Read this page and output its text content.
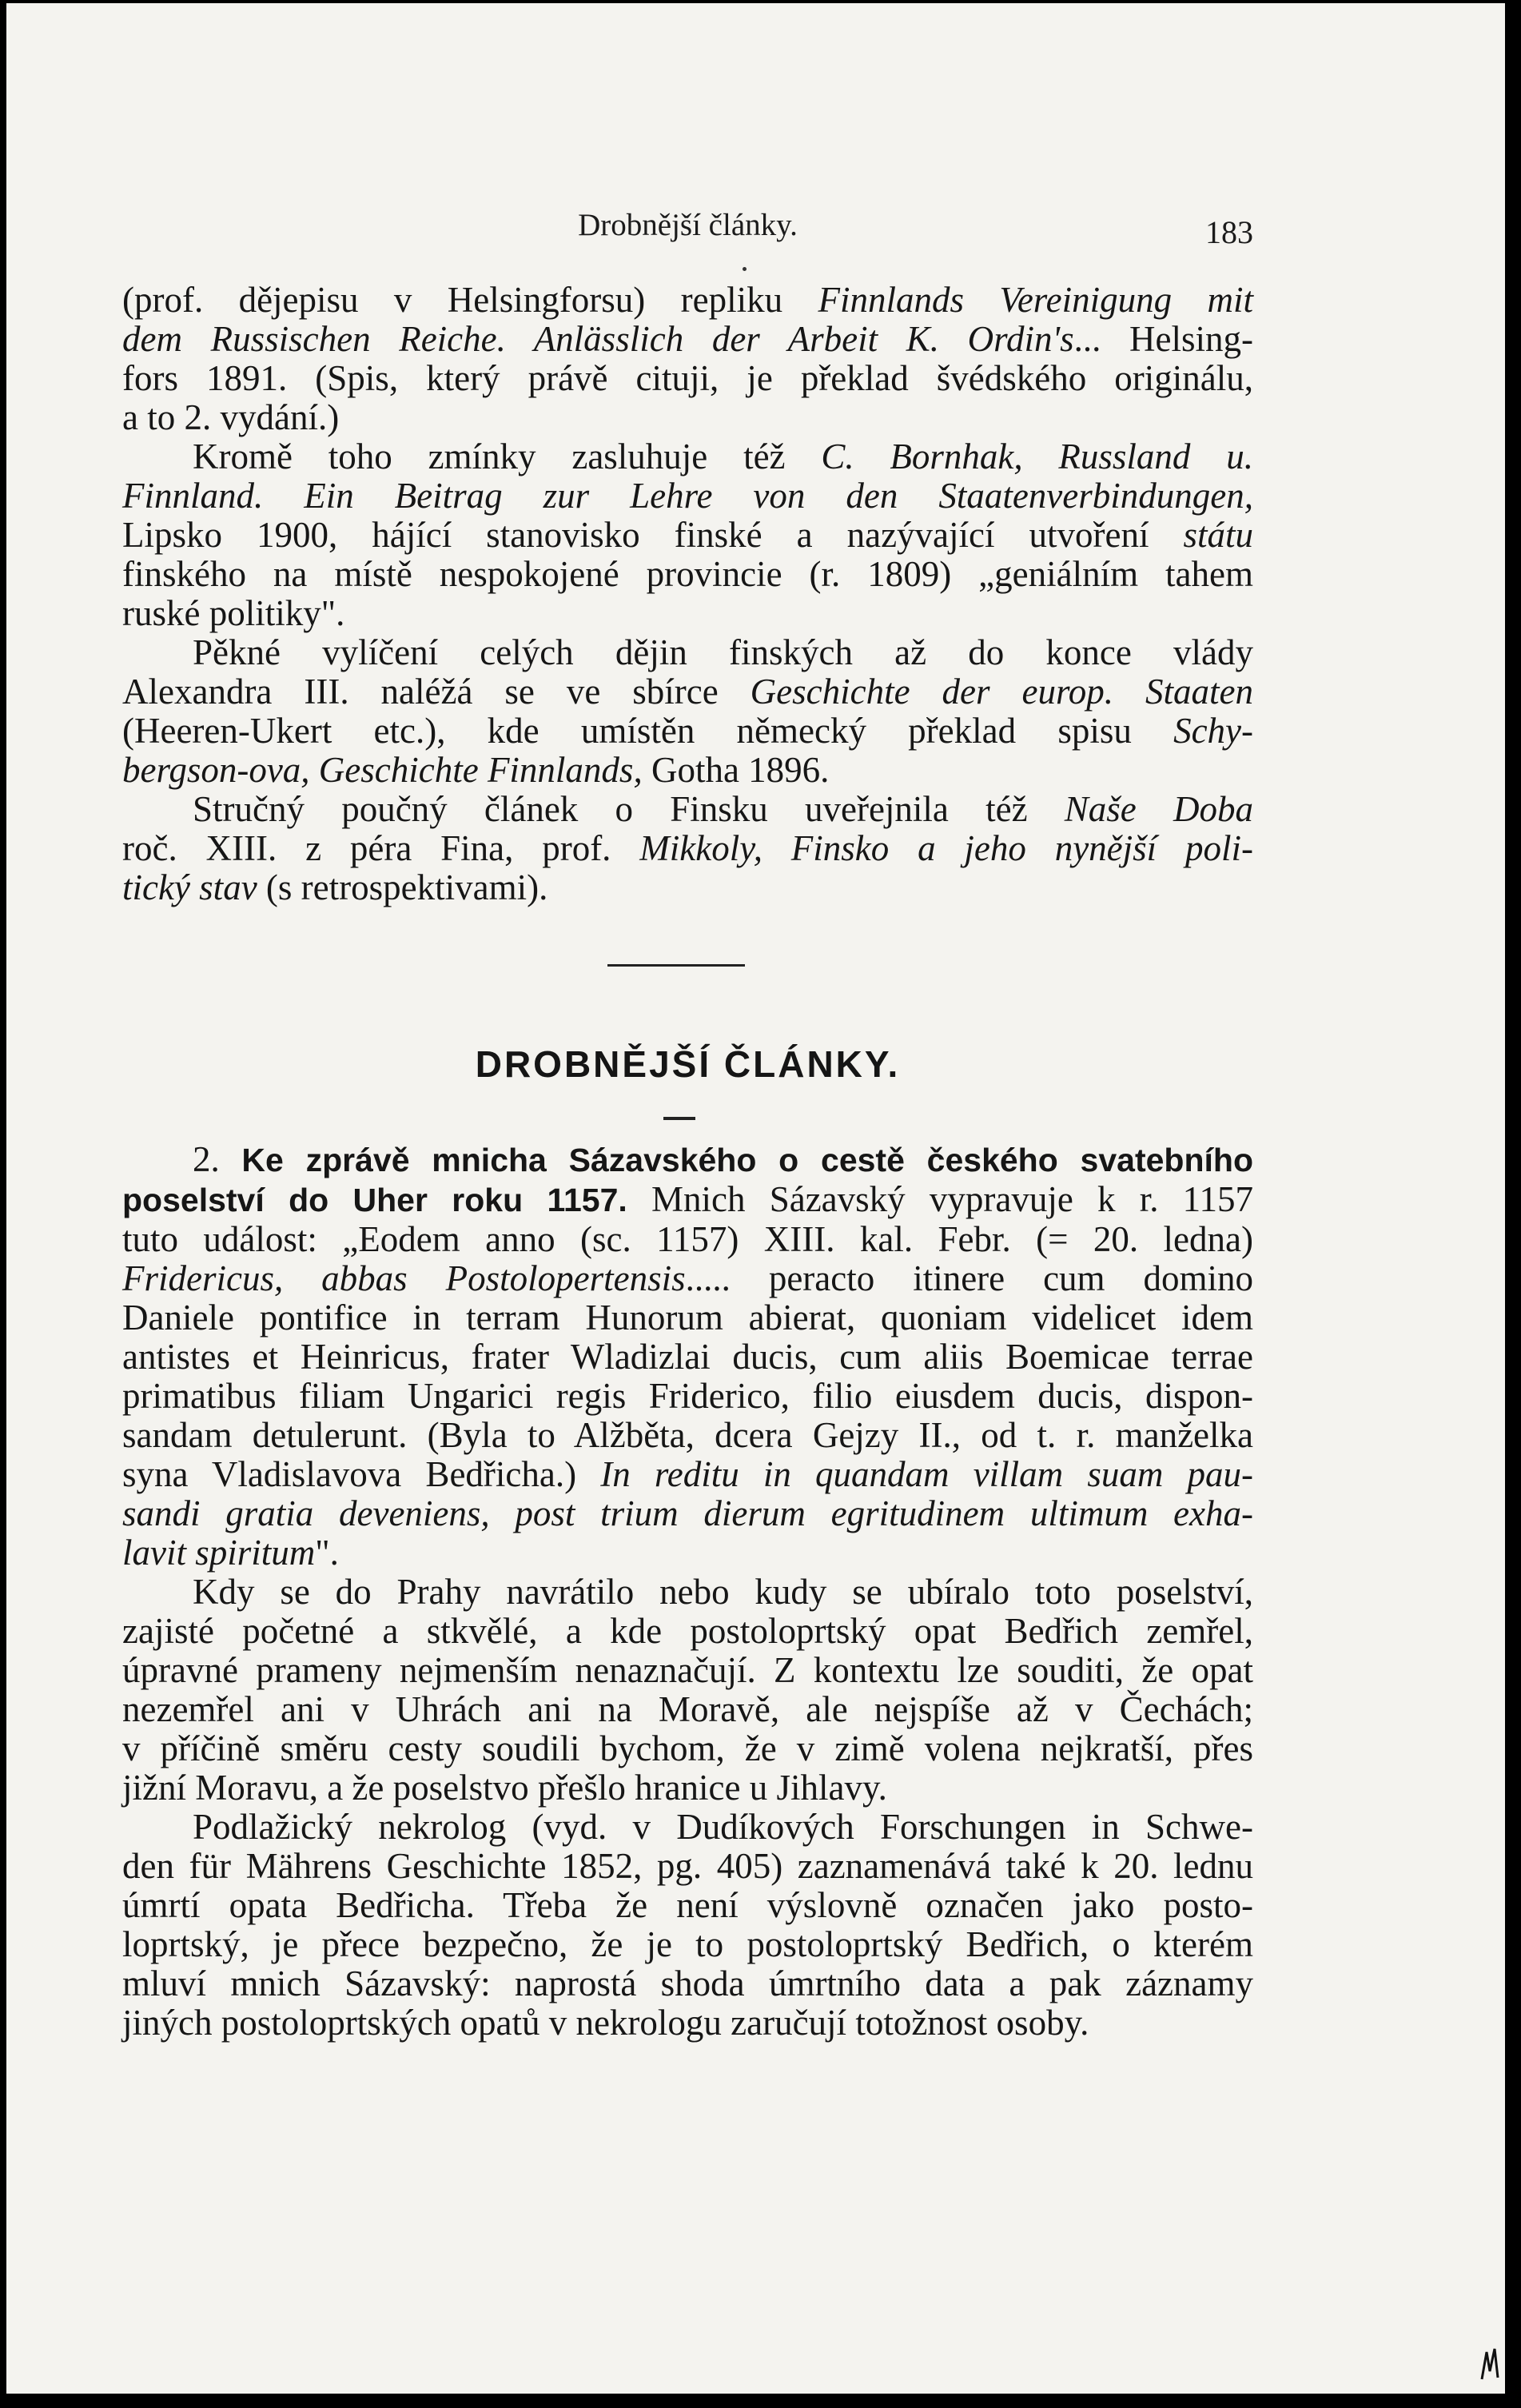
Drobnější články.	183

(prof. dějepisu v Helsingforsu) repliku Finnlands Vereinigung mit
dem Russischen Reiche. Anlässlich der Arbeit K. Ordin's... Helsing-
fors 1891. (Spis, který právě cituji, je překlad švédského originálu,
a to 2. vydání.)

Kromě toho zmínky zasluhuje též C. Bornhak, Russland u.
Finnland. Ein Beitrag zur Lehre von den Staatenverbindungen,
Lipsko 1900, hájící stanovisko finské a nazývající utvoření státu
finského na místě nespokojené provincie (r. 1809) „geniálním tahem
ruské politiky".

Pěkné vylíčení celých dějin finských až do konce vlády
Alexandra III. naléžá se ve sbírce Geschichte der europ. Staaten
(Heeren-Ukert etc.), kde umístěn německý překlad spisu Schy-
bergson-ova, Geschichte Finnlands, Gotha 1896.

Stručný poučný článek o Finsku uveřejnila též Naše Doba
roč. XIII. z péra Fina, prof. Mikkoly, Finsko a jeho nynější poli-
tický stav (s retrospektivami).

DROBNĚJŠÍ ČLÁNKY.

2. Ke zprávě mnicha Sázavského o cestě českého svatebního
poselství do Uher roku 1157. Mnich Sázavský vypravuje k r. 1157
tuto událost: „Eodem anno (sc. 1157) XIII. kal. Febr. (= 20. ledna)
Fridericus, abbas Postolopertensis..... peracto itinere cum domino
Daniele pontifice in terram Hunorum abierat, quoniam videlicet idem
antistes et Heinricus, frater Wladizlai ducis, cum aliis Boemicae terrae
primatibus filiam Ungarici regis Friderico, filio eiusdem ducis, dispon-
sandam detulerunt. (Byla to Alžběta, dcera Gejzy II., od t. r. manželka
syna Vladislavova Bedřicha.) In reditu in quandam villam suam pau-
sandi gratia deveniens, post trium dierum egritudinem ultimum exha-
lavit spiritum".

Kdy se do Prahy navrátilo nebo kudy se ubíralo toto poselství,
zajisté početné a stkvělé, a kde postoloprtský opat Bedřich zemřel,
úpravné prameny nejmenším nenaznačují. Z kontextu lze souditi, že opat
nezemřel ani v Uhrách ani na Moravě, ale nejspíše až v Čechách;
v příčině směru cesty soudili bychom, že v zimě volena nejkratší, přes
jižní Moravu, a že poselstvo přešlo hranice u Jihlavy.

Podlažický nekrolog (vyd. v Dudíkových Forschungen in Schwe-
den für Mährens Geschichte 1852, pg. 405) zaznamenává také k 20. lednu
úmrtí opata Bedřicha. Třeba že není výslovně označen jako posto-
loprtský, je přece bezpečno, že je to postoloprtský Bedřich, o kterém
mluví mnich Sázavský: naprostá shoda úmrtního data a pak záznamy
jiných postoloprtských opatů v nekrologu zaručují totožnost osoby.
